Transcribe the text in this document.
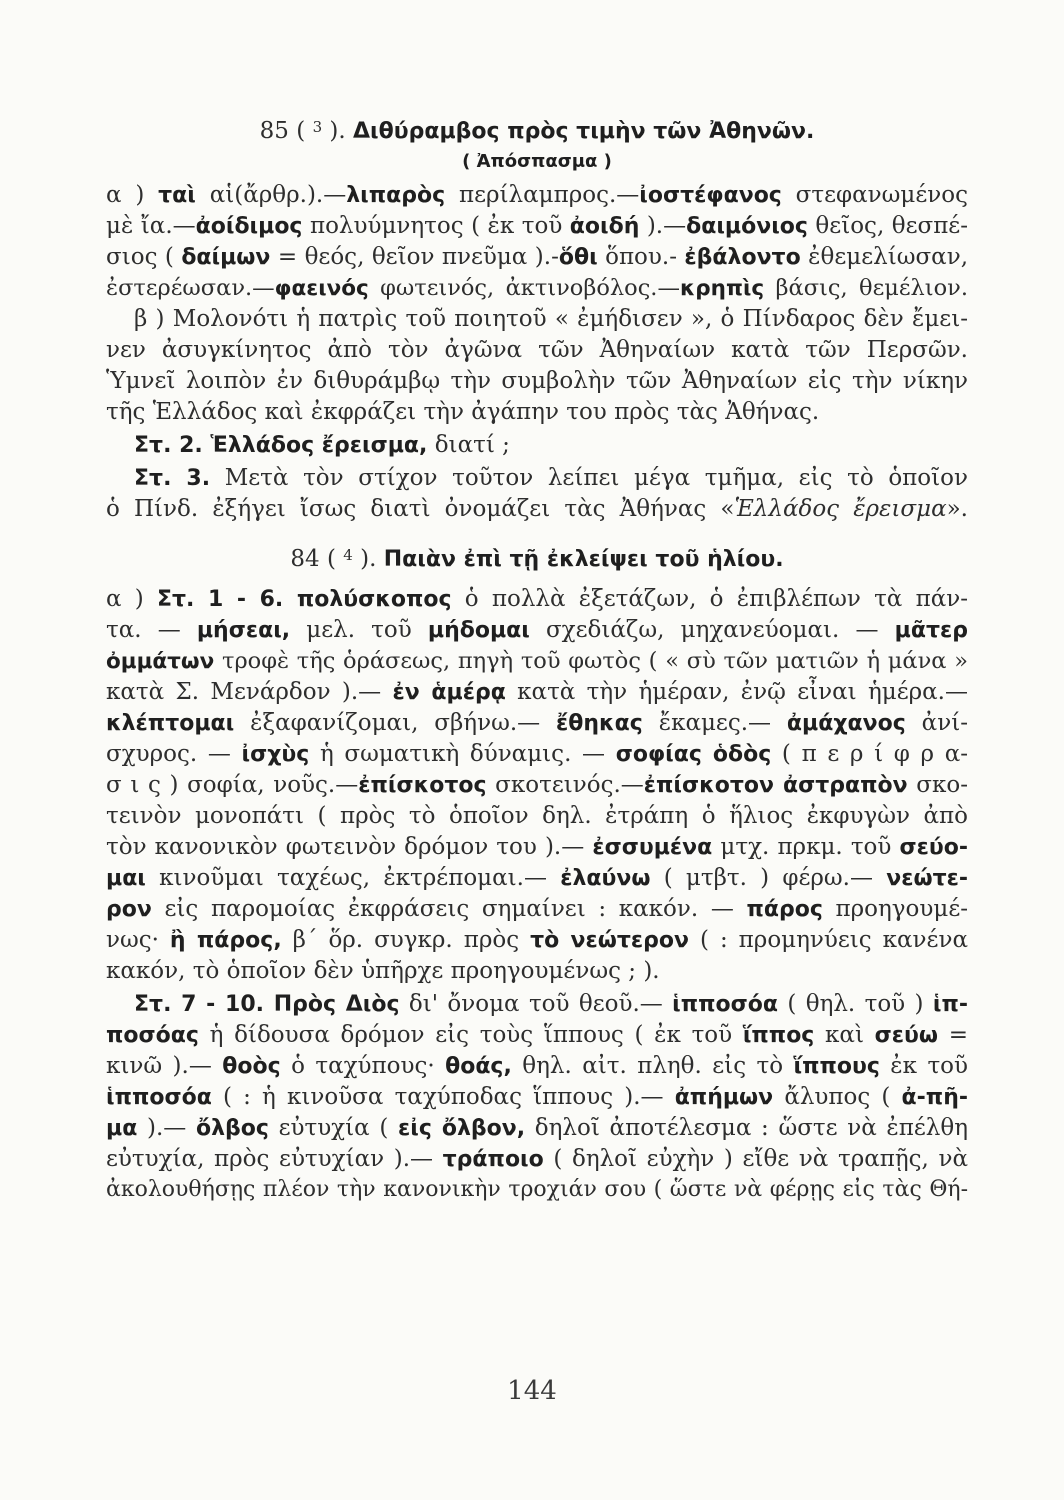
85 ( $^3$ ). Διθύραμβος πρὸς τιμὴν τῶν Ἀθηνῶν.
( Ἀπόσπασμα )
α ) ταὶ αἱ(ἄρθρ.).—λιπαρὸς περίλαμπρος.—ἰοστέφανος στεφανωμένος
μὲ ἴα.—ἀοίδιμος πολυύμνητος ( ἐκ τοῦ ἀοιδή ).—δαιμόνιος θεῖος, θεσπέ-
σιος ( δαίμων = θεός, θεῖον πνεῦμα ).-ὅθι ὅπου.- ἐβάλοντο ἐθεμελίωσαν,
ἐστερέωσαν.—φαεινός φωτεινός, ἀκτινοβόλος.—κρηπὶς βάσις, θεμέλιον.
β ) Μολονότι ἡ πατρὶς τοῦ ποιητοῦ « ἐμήδισεν », ὁ Πίνδαρος δὲν ἔμει-
νεν ἀσυγκίνητος ἀπὸ τὸν ἀγῶνα τῶν Ἀθηναίων κατὰ τῶν Περσῶν.
Ὑμνεῖ λοιπὸν ἐν διθυράμβῳ τὴν συμβολὴν τῶν Ἀθηναίων εἰς τὴν νίκην
τῆς Ἑλλάδος καὶ ἐκφράζει τὴν ἀγάπην του πρὸς τὰς Ἀθήνας.
Στ. 2. Ἑλλάδος ἔρεισμα, διατί ;
Στ. 3. Μετὰ τὸν στίχον τοῦτον λείπει μέγα τμῆμα, εἰς τὸ ὁποῖον
ὁ Πίνδ. ἐξήγει ἴσως διατὶ ὀνομάζει τὰς Ἀθήνας «Ἑλλάδος ἔρεισμα».
84 ( $^4$ ). Παιὰν ἐπὶ τῇ ἐκλείψει τοῦ ἡλίου.
α ) Στ. 1 - 6. πολύσκοπος ὁ πολλὰ ἐξετάζων, ὁ ἐπιβλέπων τὰ πάν-
τα. — μήσεαι, μελ. τοῦ μήδομαι σχεδιάζω, μηχανεύομαι. — μᾶτερ
ὀμμάτων τροφὲ τῆς ὁράσεως, πηγὴ τοῦ φωτὸς ( « σὺ τῶν ματιῶν ἡ μάνα »
κατὰ Σ. Μενάρδον ).— ἐν ἁμέρᾳ κατὰ τὴν ἡμέραν, ἐνῷ εἶναι ἡμέρα.—
κλέπτομαι ἐξαφανίζομαι, σβήνω.— ἔθηκας ἔκαμες.— ἀμάχανος ἀνί-
σχυρος. — ἰσχὺς ἡ σωματικὴ δύναμις. — σοφίας ὁδὸς ( π ε ρ ί φ ρ α-
σ ι ς ) σοφία, νοῦς.—ἐπίσκοτος σκοτεινός.—ἐπίσκοτον ἀστραπὸν σκο-
τεινὸν μονοπάτι ( πρὸς τὸ ὁποῖον δηλ. ἐτράπη ὁ ἥλιος ἐκφυγὼν ἀπὸ
τὸν κανονικὸν φωτεινὸν δρόμον του ).— ἐσσυμένα μτχ. πρκμ. τοῦ σεύο-
μαι κινοῦμαι ταχέως, ἐκτρέπομαι.— ἐλαύνω ( μτβτ. ) φέρω.— νεώτε-
ρον εἰς παρομοίας ἐκφράσεις σημαίνει : κακόν. — πάρος προηγουμέ-
νως· ἢ πάρος, β΄ ὅρ. συγκρ. πρὸς τὸ νεώτερον ( : προμηνύεις κανένα
κακόν, τὸ ὁποῖον δὲν ὑπῆρχε προηγουμένως ; ).
Στ. 7 - 10. Πρὸς Διὸς δι' ὄνομα τοῦ θεοῦ.— ἱπποσόα ( θηλ. τοῦ ) ἱπ-
ποσόας ἡ δίδουσα δρόμον εἰς τοὺς ἵππους ( ἐκ τοῦ ἵππος καὶ σεύω =
κινῶ ).— θοὸς ὁ ταχύπους· θοάς, θηλ. αἰτ. πληθ. εἰς τὸ ἵππους ἐκ τοῦ
ἱπποσόα ( : ἡ κινοῦσα ταχύποδας ἵππους ).— ἀπήμων ἄλυπος ( ἀ-πῆ-
μα ).— ὄλβος εὐτυχία ( εἰς ὄλβον, δηλοῖ ἀποτέλεσμα : ὥστε νὰ ἐπέλθη
εὐτυχία, πρὸς εὐτυχίαν ).— τράποιο ( δηλοῖ εὐχὴν ) εἴθε νὰ τραπῇς, νὰ
ἀκολουθήσῃς πλέον τὴν κανονικὴν τροχιάν σου ( ὥστε νὰ φέρῃς εἰς τὰς Θή-
144
